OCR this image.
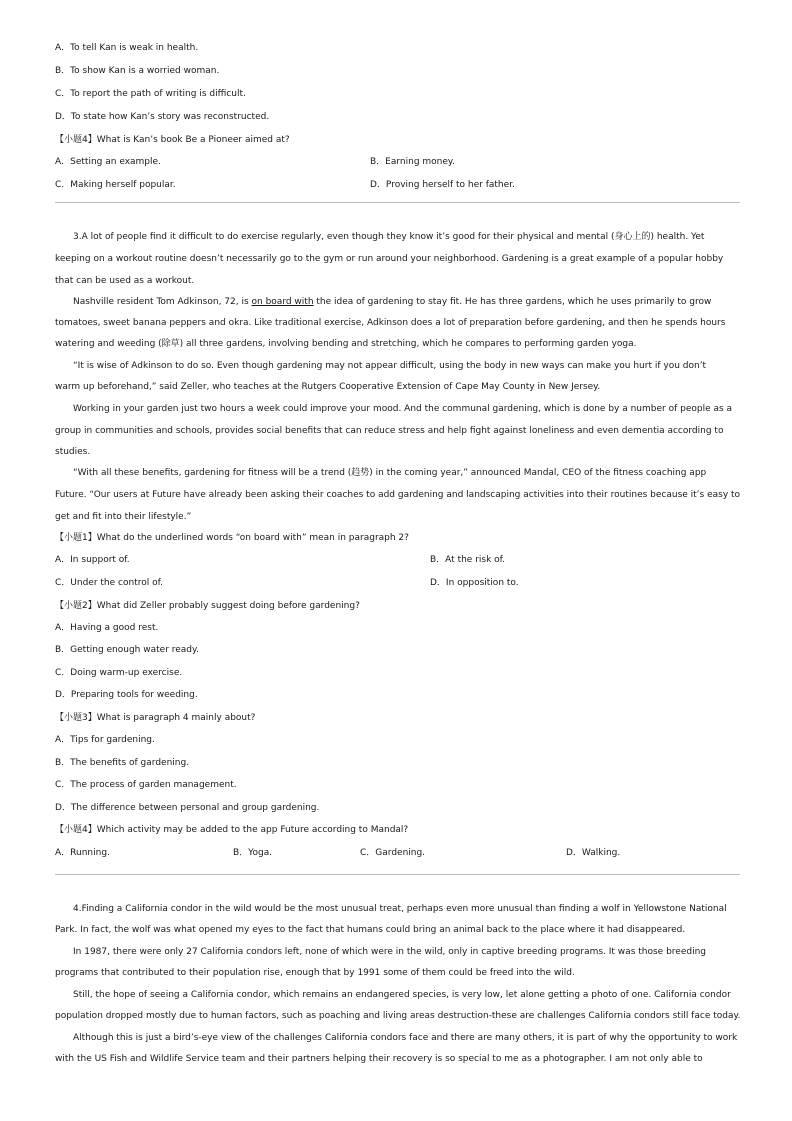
A．To tell Kan is weak in health.
B．To show Kan is a worried woman.
C．To report the path of writing is difficult.
D．To state how Kan’s story was reconstructed.
【小题4】What is Kan’s book Be a Pioneer aimed at?
A．Setting an example.	B．Earning money.
C．Making herself popular.	D．Proving herself to her father.
3.A lot of people find it difficult to do exercise regularly, even though they know it’s good for their physical and mental (身心上的) health. Yet
keeping on a workout routine doesn’t necessarily go to the gym or run around your neighborhood. Gardening is a great example of a popular hobby
that can be used as a workout.
Nashville resident Tom Adkinson, 72, is on board with the idea of gardening to stay fit. He has three gardens, which he uses primarily to grow
tomatoes, sweet banana peppers and okra. Like traditional exercise, Adkinson does a lot of preparation before gardening, and then he spends hours
watering and weeding (除草) all three gardens, involving bending and stretching, which he compares to performing garden yoga.
“It is wise of Adkinson to do so. Even though gardening may not appear difficult, using the body in new ways can make you hurt if you don’t
warm up beforehand,” said Zeller, who teaches at the Rutgers Cooperative Extension of Cape May County in New Jersey.
Working in your garden just two hours a week could improve your mood. And the communal gardening, which is done by a number of people as a
group in communities and schools, provides social benefits that can reduce stress and help fight against loneliness and even dementia according to
studies.
“With all these benefits, gardening for fitness will be a trend (趋势) in the coming year,” announced Mandal, CEO of the fitness coaching app
Future. “Our users at Future have already been asking their coaches to add gardening and landscaping activities into their routines because it’s easy to
get and fit into their lifestyle.”
【小题1】What do the underlined words “on board with” mean in paragraph 2?
A．In support of.	B．At the risk of.
C．Under the control of.	D．In opposition to.
【小题2】What did Zeller probably suggest doing before gardening?
A．Having a good rest.
B．Getting enough water ready.
C．Doing warm-up exercise.
D．Preparing tools for weeding.
【小题3】What is paragraph 4 mainly about?
A．Tips for gardening.
B．The benefits of gardening.
C．The process of garden management.
D．The difference between personal and group gardening.
【小题4】Which activity may be added to the app Future according to Mandal?
A．Running.	B．Yoga.	C．Gardening.	D．Walking.
4.Finding a California condor in the wild would be the most unusual treat, perhaps even more unusual than finding a wolf in Yellowstone National
Park. In fact, the wolf was what opened my eyes to the fact that humans could bring an animal back to the place where it had disappeared.
In 1987, there were only 27 California condors left, none of which were in the wild, only in captive breeding programs. It was those breeding
programs that contributed to their population rise, enough that by 1991 some of them could be freed into the wild.
Still, the hope of seeing a California condor, which remains an endangered species, is very low, let alone getting a photo of one. California condor
population dropped mostly due to human factors, such as poaching and living areas destruction-these are challenges California condors still face today.
Although this is just a bird’s-eye view of the challenges California condors face and there are many others, it is part of why the opportunity to work
with the US Fish and Wildlife Service team and their partners helping their recovery is so special to me as a photographer. I am not only able to
